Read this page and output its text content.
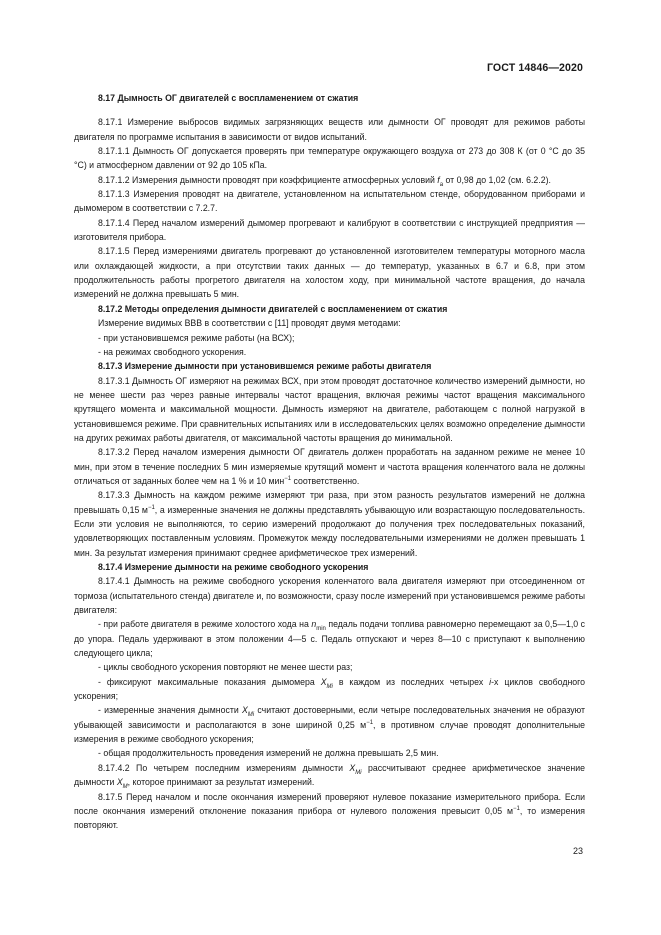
ГОСТ 14846—2020

8.17 Дымность ОГ двигателей с воспламенением от сжатия

8.17.1 Измерение выбросов видимых загрязняющих веществ или дымности ОГ проводят для режимов работы двигателя по программе испытания в зависимости от видов испытаний.

8.17.1.1 Дымность ОГ допускается проверять при температуре окружающего воздуха от 273 до 308 К (от 0 °С до 35 °С) и атмосферном давлении от 92 до 105 кПа.

8.17.1.2 Измерения дымности проводят при коэффициенте атмосферных условий $f_a$ от 0,98 до 1,02 (см. 6.2.2).

8.17.1.3 Измерения проводят на двигателе, установленном на испытательном стенде, оборудованном приборами и дымомером в соответствии с 7.2.7.

8.17.1.4 Перед началом измерений дымомер прогревают и калибруют в соответствии с инструкцией предприятия — изготовителя прибора.

8.17.1.5 Перед измерениями двигатель прогревают до установленной изготовителем температуры моторного масла или охлаждающей жидкости, а при отсутствии таких данных — до температур, указанных в 6.7 и 6.8, при этом продолжительность работы прогретого двигателя на холостом ходу, при минимальной частоте вращения, до начала измерений не должна превышать 5 мин.

8.17.2 Методы определения дымности двигателей с воспламенением от сжатия

Измерение видимых ВВВ в соответствии с [11] проводят двумя методами:

- при установившемся режиме работы (на ВСХ);

- на режимах свободного ускорения.

8.17.3 Измерение дымности при установившемся режиме работы двигателя

8.17.3.1 Дымность ОГ измеряют на режимах ВСХ, при этом проводят достаточное количество измерений дымности, но не менее шести раз через равные интервалы частот вращения, включая режимы частот вращения максимального крутящего момента и максимальной мощности. Дымность измеряют на двигателе, работающем с полной нагрузкой в установившемся режиме. При сравнительных испытаниях или в исследовательских целях возможно определение дымности на других режимах работы двигателя, от максимальной частоты вращения до минимальной.

8.17.3.2 Перед началом измерения дымности ОГ двигатель должен проработать на заданном режиме не менее 10 мин, при этом в течение последних 5 мин измеряемые крутящий момент и частота вращения коленчатого вала не должны отличаться от заданных более чем на 1 % и 10 мин$^{-1}$ соответственно.

8.17.3.3 Дымность на каждом режиме измеряют три раза, при этом разность результатов измерений не должна превышать 0,15 $м^{-1}$, а измеренные значения не должны представлять убывающую или возрастающую последовательность. Если эти условия не выполняются, то серию измерений продолжают до получения трех последовательных показаний, удовлетворяющих поставленным условиям. Промежуток между последовательными измерениями не должен превышать 1 мин. За результат измерения принимают среднее арифметическое трех измерений.

8.17.4 Измерение дымности на режиме свободного ускорения

8.17.4.1 Дымность на режиме свободного ускорения коленчатого вала двигателя измеряют при отсоединенном от тормоза (испытательного стенда) двигателе и, по возможности, сразу после измерений при установившемся режиме работы двигателя:

- при работе двигателя в режиме холостого хода на $n_{min}$ педаль подачи топлива равномерно перемещают за 0,5—1,0 с до упора. Педаль удерживают в этом положении 4—5 с. Педаль отпускают и через 8—10 с приступают к выполнению следующего цикла;

- циклы свободного ускорения повторяют не менее шести раз;

- фиксируют максимальные показания дымомера $X_{Mi}$ в каждом из последних четырех i-х циклов свободного ускорения;

- измеренные значения дымности $X_{Mi}$ считают достоверными, если четыре последовательных значения не образуют убывающей зависимости и располагаются в зоне шириной 0,25 $м^{-1}$, в противном случае проводят дополнительные измерения в режиме свободного ускорения;

- общая продолжительность проведения измерений не должна превышать 2,5 мин.

8.17.4.2 По четырем последним измерениям дымности $X_{Mi}$ рассчитывают среднее арифметическое значение дымности $X_M$, которое принимают за результат измерений.

8.17.5 Перед началом и после окончания измерений проверяют нулевое показание измерительного прибора. Если после окончания измерений отклонение показания прибора от нулевого положения превысит 0,05 $м^{-1}$, то измерения повторяют.

23
